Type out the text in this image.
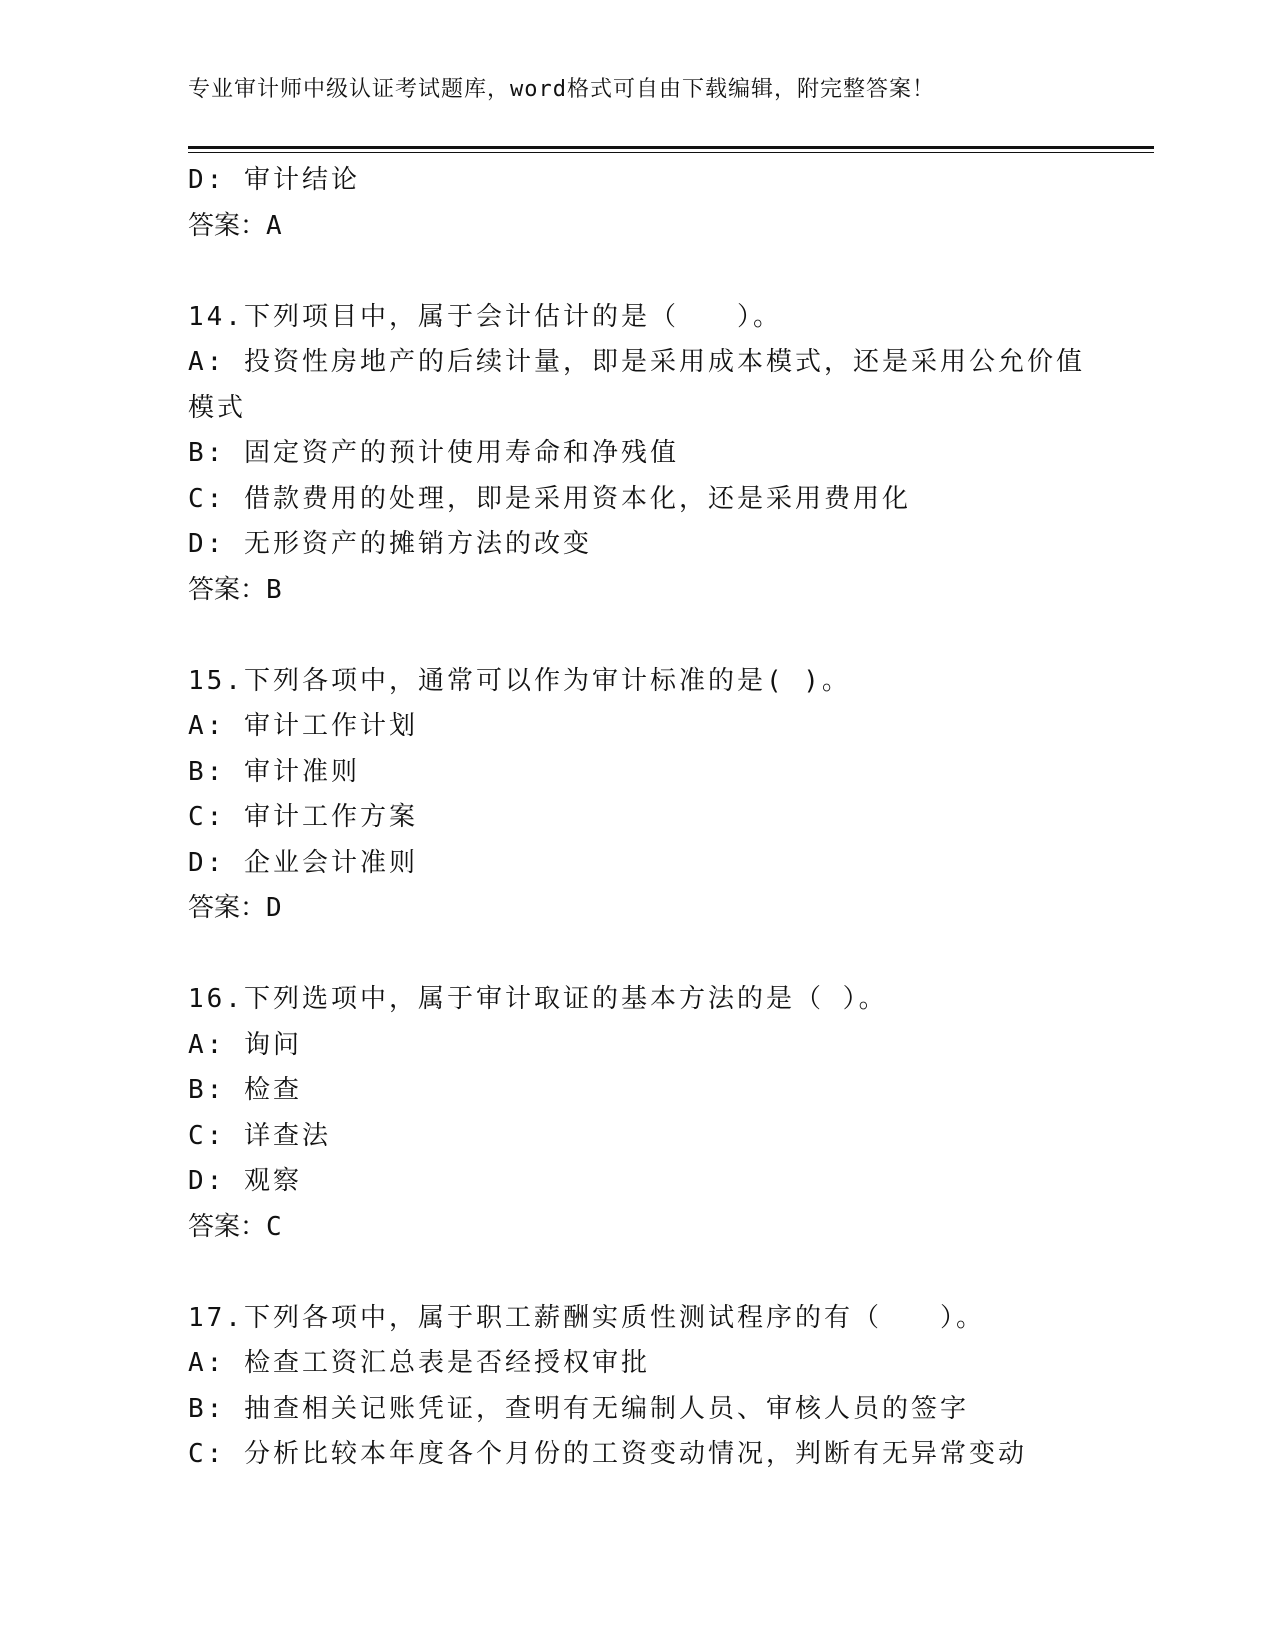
专业审计师中级认证考试题库，word格式可自由下载编辑，附完整答案！
D: 审计结论
答案：A
14.下列项目中，属于会计估计的是（　　）。
A: 投资性房地产的后续计量，即是采用成本模式，还是采用公允价值
模式
B: 固定资产的预计使用寿命和净残值
C: 借款费用的处理，即是采用资本化，还是采用费用化
D: 无形资产的摊销方法的改变
答案：B
15.下列各项中，通常可以作为审计标准的是( )。
A: 审计工作计划
B: 审计准则
C: 审计工作方案
D: 企业会计准则
答案：D
16.下列选项中，属于审计取证的基本方法的是（ ）。
A: 询问
B: 检查
C: 详查法
D: 观察
答案：C
17.下列各项中，属于职工薪酬实质性测试程序的有（　　）。
A: 检查工资汇总表是否经授权审批
B: 抽查相关记账凭证，查明有无编制人员、审核人员的签字
C: 分析比较本年度各个月份的工资变动情况，判断有无异常变动
